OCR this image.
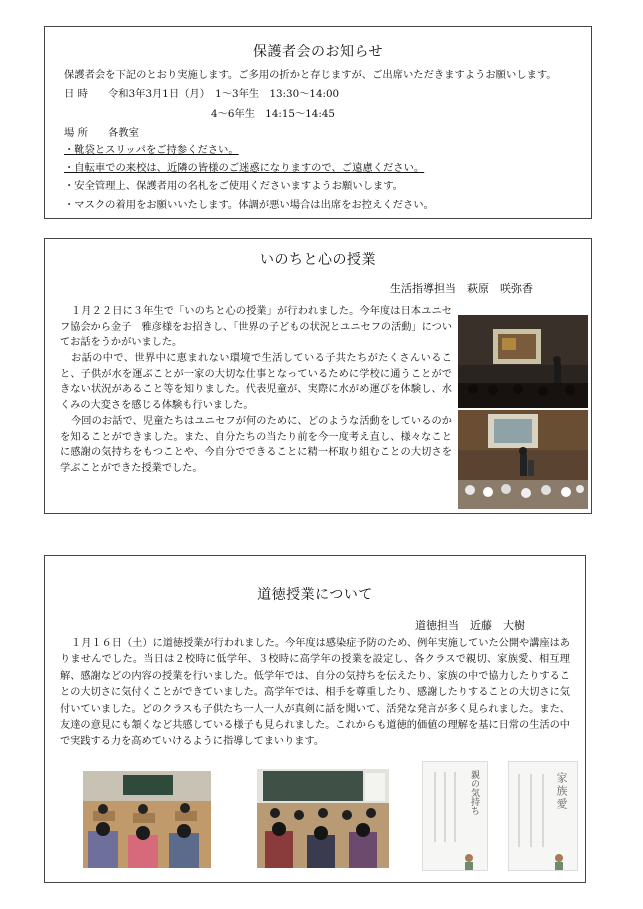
保護者会のお知らせ
保護者会を下記のとおり実施します。ご多用の折かと存じますが、ご出席いただきますようお願いします。
日 時 令和3年3月1日（月）　1～3年生　13:30～14:00
4～6年生　14:15～14:45
場 所 各教室
・靴袋とスリッパをご持参ください。
・自転車での来校は、近隣の皆様のご迷惑になりますので、ご遠慮ください。
・安全管理上、保護者用の名札をご使用くださいますようお願いします。
・マスクの着用をお願いいたします。体調が悪い場合は出席をお控えください。
いのちと心の授業
生活指導担当　萩原　咲弥香
１月２２日に３年生で「いのちと心の授業」が行われました。今年度は日本ユニセフ協会から金子　雅彦様をお招きし、「世界の子どもの状況とユニセフの活動」についてお話をうかがいました。
お話の中で、世界中に恵まれない環境で生活している子共たちがたくさんいること、子供が水を運ぶことが一家の大切な仕事となっているために学校に通うことができない状況があること等を知りました。代表児童が、実際に水がめ運びを体験し、水くみの大変さを感じる体験も行いました。
今回のお話で、児童たちはユニセフが何のために、どのような活動をしているのかを知ることができました。また、自分たちの当たり前を今一度考え直し、様々なことに感謝の気持ちをもつことや、今自分でできることに精一杯取り組むことの大切さを学ぶことができた授業でした。
道徳授業について
道徳担当　近藤　大樹
１月１６日（土）に道徳授業が行われました。今年度は感染症予防のため、例年実施していた公開や講座はありませんでした。当日は２校時に低学年、３校時に高学年の授業を設定し、各クラスで親切、家族愛、相互理解、感謝などの内容の授業を行いました。低学年では、自分の気持ちを伝えたり、家族の中で協力したりすることの大切さに気付くことができていました。高学年では、相手を尊重したり、感謝したりすることの大切さに気付いていました。どのクラスも子供たち一人一人が真剣に話を聞いて、活発な発言が多く見られました。また、友達の意見にも頷くなど共感している様子も見られました。これからも道徳的価値の理解を基に日常の生活の中で実践する力を高めていけるように指導してまいります。
親の気持ち	家族愛
